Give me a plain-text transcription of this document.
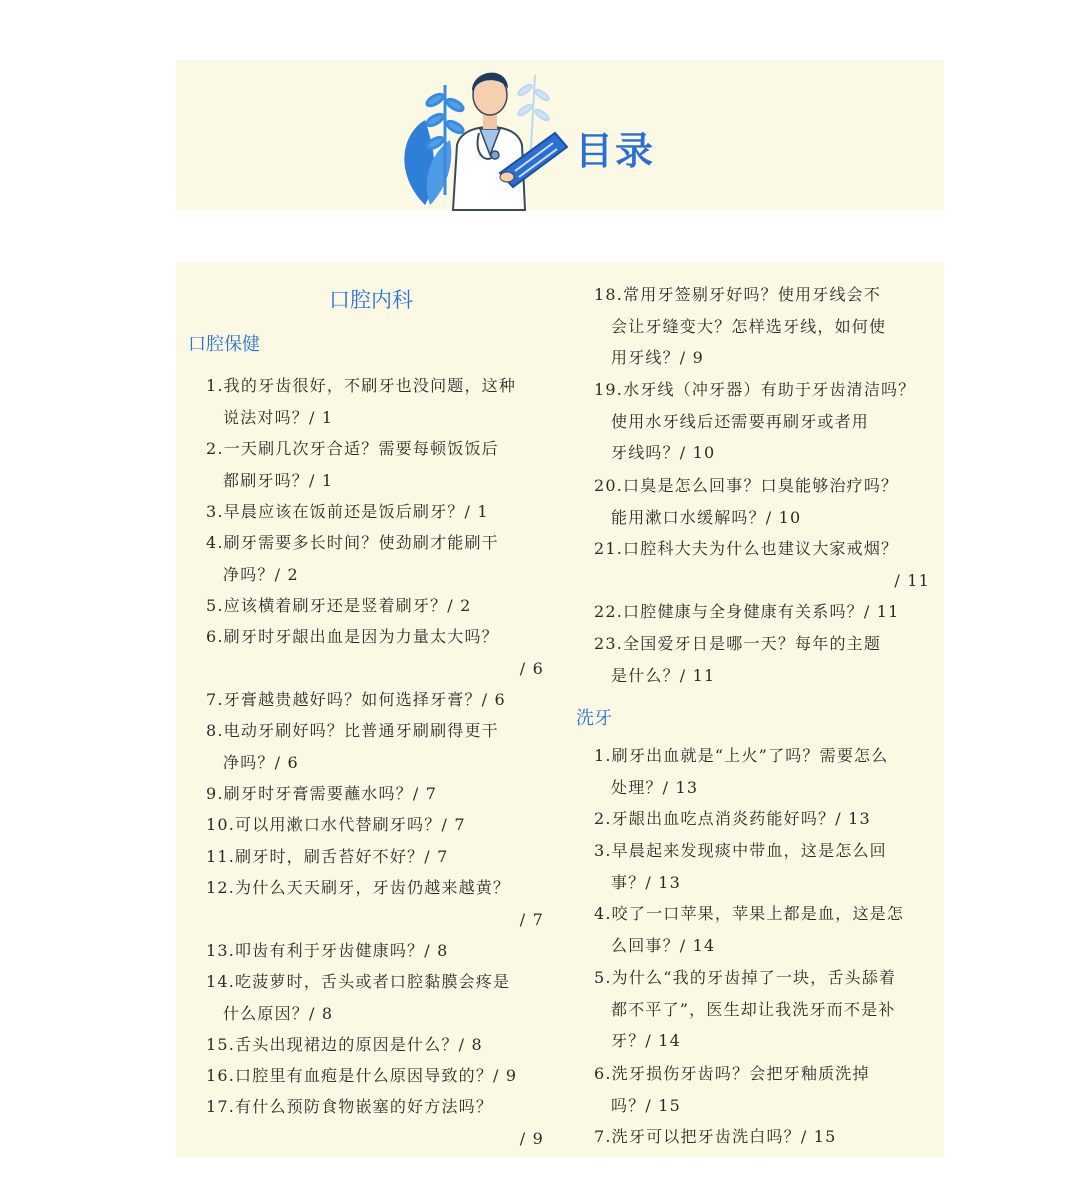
目录
口腔内科
口腔保健
1.我的牙齿很好，不刷牙也没问题，这种
说法对吗？/ 1
2.一天刷几次牙合适？需要每顿饭饭后
都刷牙吗？/ 1
3.早晨应该在饭前还是饭后刷牙？/ 1
4.刷牙需要多长时间？使劲刷才能刷干
净吗？/ 2
5.应该横着刷牙还是竖着刷牙？/ 2
6.刷牙时牙龈出血是因为力量太大吗？
/ 6
7.牙膏越贵越好吗？如何选择牙膏？/ 6
8.电动牙刷好吗？比普通牙刷刷得更干
净吗？/ 6
9.刷牙时牙膏需要蘸水吗？/ 7
10.可以用漱口水代替刷牙吗？/ 7
11.刷牙时，刷舌苔好不好？/ 7
12.为什么天天刷牙，牙齿仍越来越黄？
/ 7
13.叩齿有利于牙齿健康吗？/ 8
14.吃菠萝时，舌头或者口腔黏膜会疼是
什么原因？/ 8
15.舌头出现裙边的原因是什么？/ 8
16.口腔里有血疱是什么原因导致的？/ 9
17.有什么预防食物嵌塞的好方法吗？
/ 9
18.常用牙签剔牙好吗？使用牙线会不
会让牙缝变大？怎样选牙线，如何使
用牙线？/ 9
19.水牙线（冲牙器）有助于牙齿清洁吗？
使用水牙线后还需要再刷牙或者用
牙线吗？/ 10
20.口臭是怎么回事？口臭能够治疗吗？
能用漱口水缓解吗？/ 10
21.口腔科大夫为什么也建议大家戒烟？
/ 11
22.口腔健康与全身健康有关系吗？/ 11
23.全国爱牙日是哪一天？每年的主题
是什么？/ 11
洗牙
1.刷牙出血就是“上火”了吗？需要怎么
处理？/ 13
2.牙龈出血吃点消炎药能好吗？/ 13
3.早晨起来发现痰中带血，这是怎么回
事？/ 13
4.咬了一口苹果，苹果上都是血，这是怎
么回事？/ 14
5.为什么“我的牙齿掉了一块，舌头舔着
都不平了”，医生却让我洗牙而不是补
牙？/ 14
6.洗牙损伤牙齿吗？会把牙釉质洗掉
吗？/ 15
7.洗牙可以把牙齿洗白吗？/ 15
